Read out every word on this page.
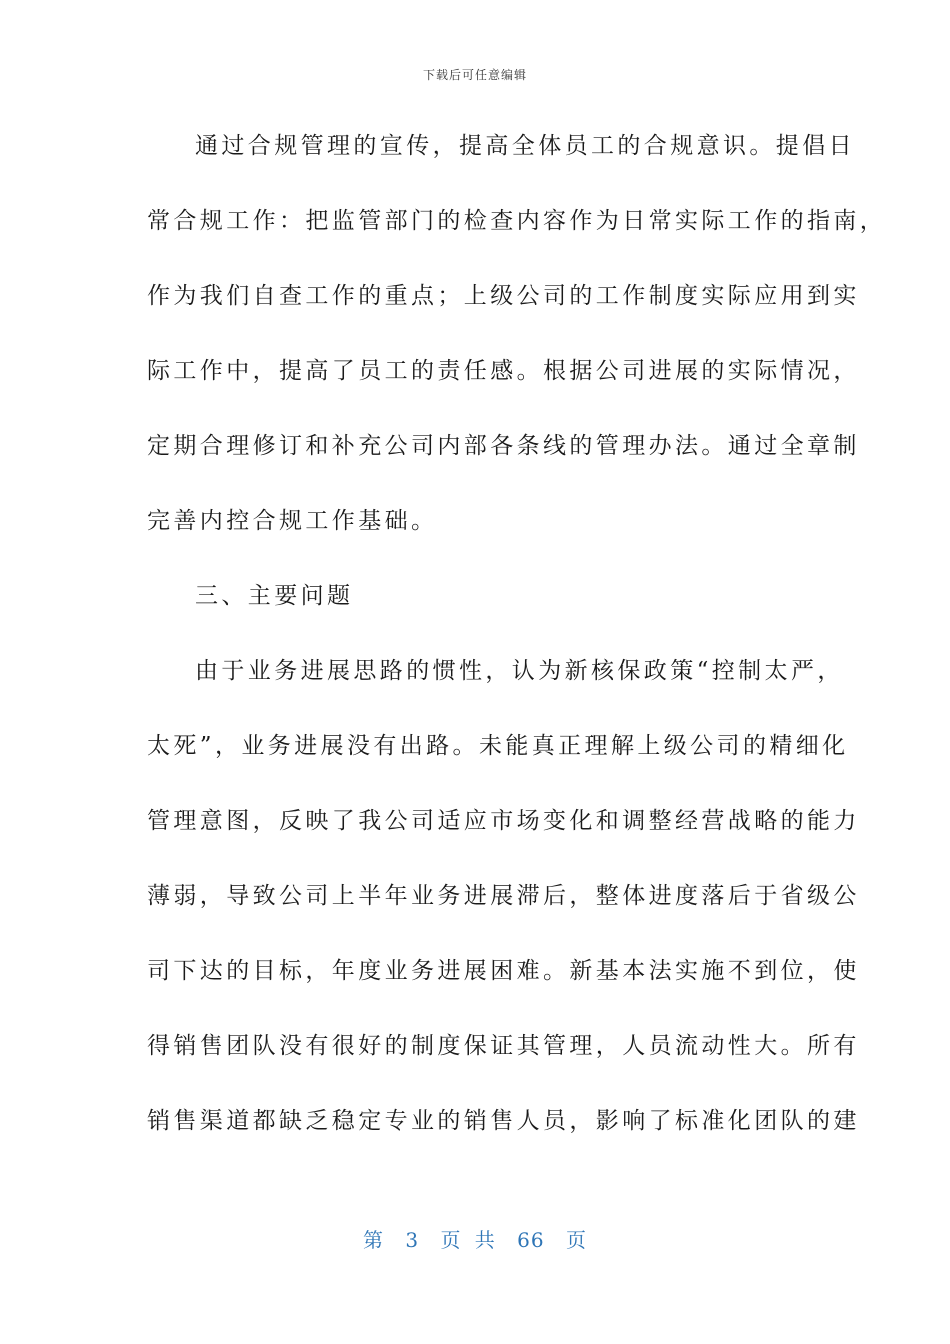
下载后可任意编辑
通过合规管理的宣传，提高全体员工的合规意识。提倡日
常合规工作：把监管部门的检查内容作为日常实际工作的指南，
作为我们自查工作的重点；上级公司的工作制度实际应用到实
际工作中，提高了员工的责任感。根据公司进展的实际情况，
定期合理修订和补充公司内部各条线的管理办法。通过全章制
完善内控合规工作基础。
三、主要问题
由于业务进展思路的惯性，认为新核保政策“控制太严，
太死”，业务进展没有出路。未能真正理解上级公司的精细化
管理意图，反映了我公司适应市场变化和调整经营战略的能力
薄弱，导致公司上半年业务进展滞后，整体进度落后于省级公
司下达的目标，年度业务进展困难。新基本法实施不到位，使
得销售团队没有很好的制度保证其管理，人员流动性大。所有
销售渠道都缺乏稳定专业的销售人员，影响了标准化团队的建
第 3 页 共 66 页
